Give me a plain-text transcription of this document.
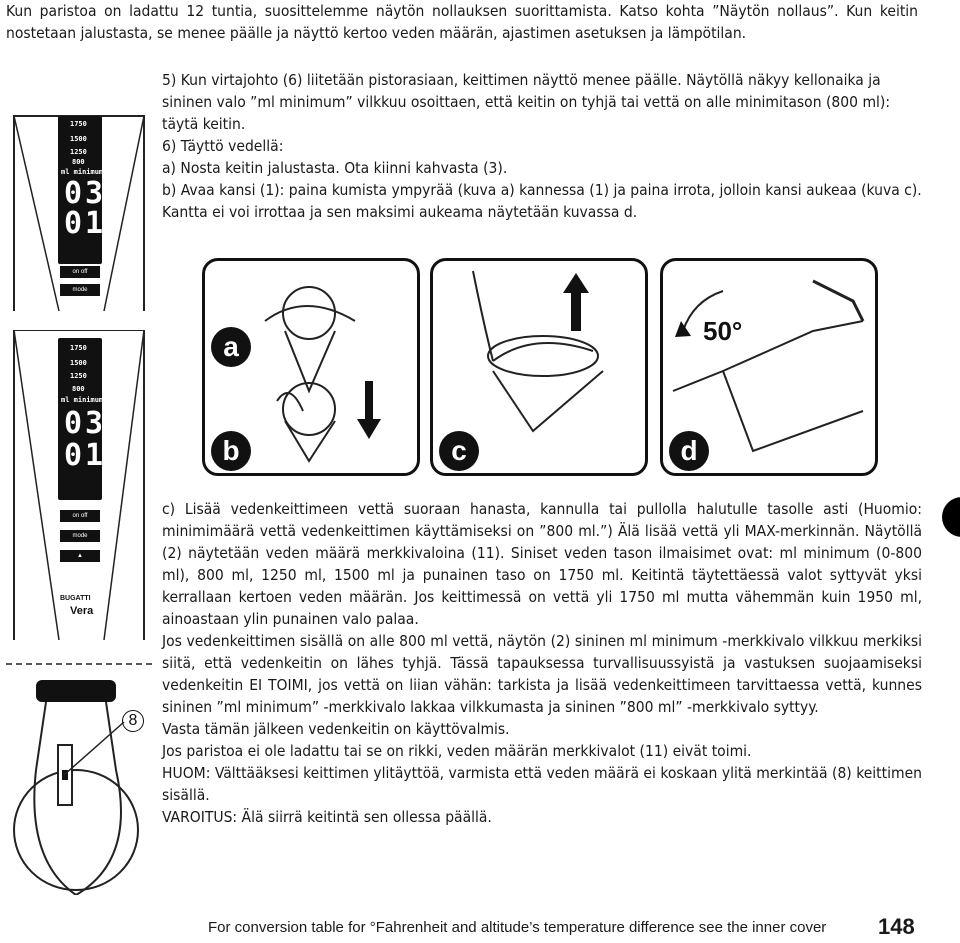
Kun paristoa on ladattu 12 tuntia, suosittelemme näytön nollauksen suorittamista. Katso kohta ”Näytön nollaus”. Kun keitin nostetaan jalustasta, se menee päälle ja näyttö kertoo veden määrän, ajastimen asetuksen ja lämpötilan.

5) Kun virtajohto (6) liitetään pistorasiaan, keittimen näyttö menee päälle. Näytöllä näkyy kellonaika ja sininen valo ”ml minimum” vilkkuu osoittaen, että keitin on tyhjä tai vettä on alle minimitason (800 ml): täytä keitin.

6) Täyttö vedellä:

a) Nosta keitin jalustasta. Ota kiinni kahvasta (3).

b) Avaa kansi (1): paina kumista ympyrää (kuva a) kannessa (1) ja paina irrota, jolloin kansi aukeaa (kuva c). Kantta ei voi irrottaa ja sen maksimi aukeama näytetään kuvassa d.

1750
1500
1250
800
ml minimum
03
01
℃ P
on off
mode
1750
1500
1250
800
ml minimum
03
01
℃ P
on off
mode
▲
BUGATTI
Vera
8
a
b	c
50°
d

c) Lisää vedenkeittimeen vettä suoraan hanasta, kannulla tai pullolla halutulle tasolle asti (Huomio: minimimäärä vettä vedenkeittimen käyttämiseksi on ”800 ml.”) Älä lisää vettä yli MAX-merkinnän. Näytöllä (2) näytetään veden määrä merkkivaloina (11). Siniset veden tason ilmaisimet ovat: ml minimum (0-800 ml), 800 ml, 1250 ml, 1500 ml ja punainen taso on 1750 ml. Keitintä täytettäessä valot syttyvät yksi kerrallaan kertoen veden määrän. Jos keittimessä on vettä yli 1750 ml mutta vähemmän kuin 1950 ml, ainoastaan ylin punainen valo palaa.

Jos vedenkeittimen sisällä on alle 800 ml vettä, näytön (2) sininen ml minimum -merkkivalo vilkkuu merkiksi siitä, että vedenkeitin on lähes tyhjä. Tässä tapauksessa turvallisuussyistä ja vastuksen suojaamiseksi vedenkeitin EI TOIMI, jos vettä on liian vähän: tarkista ja lisää vedenkeittimeen tarvittaessa vettä, kunnes sininen ”ml minimum” -merkkivalo lakkaa vilkkumasta ja sininen ”800 ml” -merkkivalo syttyy.

Vasta tämän jälkeen vedenkeitin on käyttövalmis.

Jos paristoa ei ole ladattu tai se on rikki, veden määrän merkkivalot (11) eivät toimi.

HUOM: Välttääksesi keittimen ylitäyttöä, varmista että veden määrä ei koskaan ylitä merkintää (8) keittimen sisällä.

VAROITUS: Älä siirrä keitintä sen ollessa päällä.

For conversion table for °Fahrenheit and altitude’s temperature difference see the inner cover 148
